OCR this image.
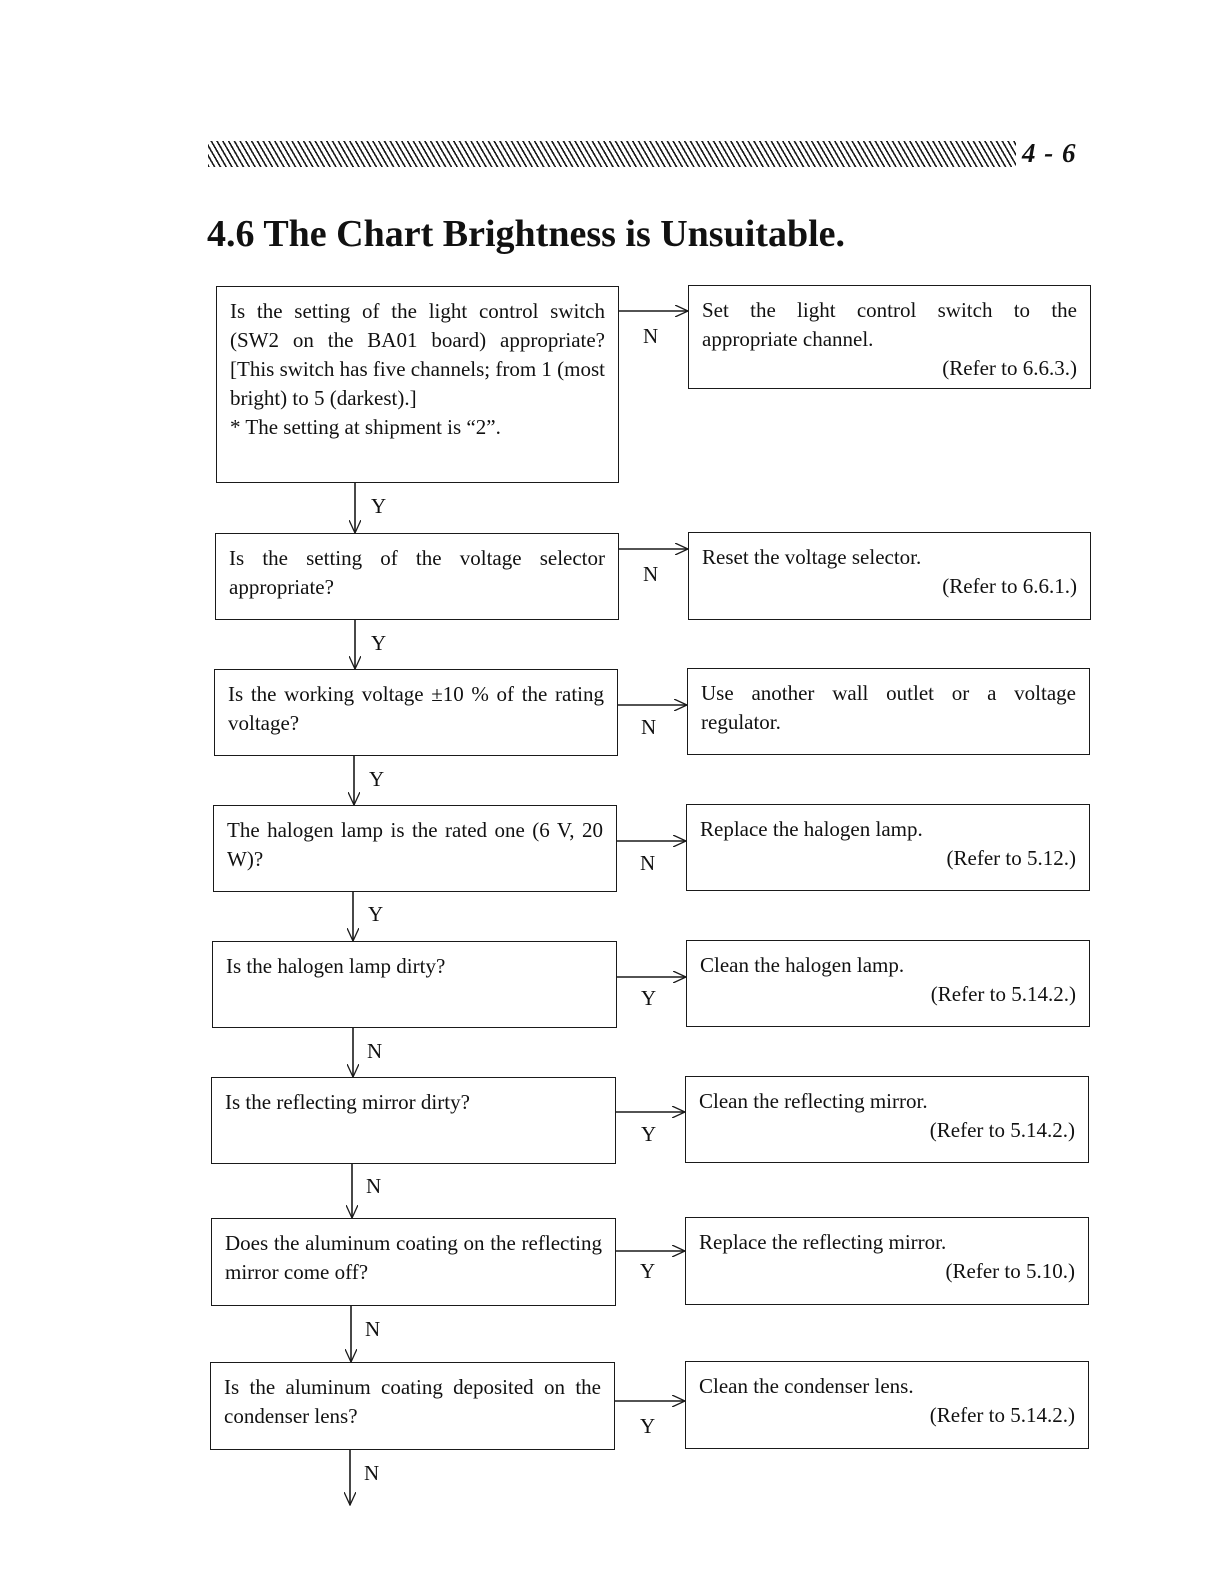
4 - 6
4.6 The Chart Brightness is Unsuitable.
Is the setting of the light control switch (SW2 on the BA01 board) appropriate? [This switch has five channels; from 1 (most bright) to 5 (darkest).]
* The setting at shipment is “2”.
Set the light control switch to the appropriate channel.
(Refer to 6.6.3.)
Is the setting of the voltage selector appropriate?
Reset the voltage selector.
(Refer to 6.6.1.)
Is the working voltage ±10 % of the rating voltage?
Use another wall outlet or a voltage regulator.
The halogen lamp is the rated one (6 V, 20 W)?
Replace the halogen lamp.
(Refer to 5.12.)
Is the halogen lamp dirty?	Clean the halogen lamp.
(Refer to 5.14.2.)
Is the reflecting mirror dirty?	Clean the reflecting mirror.
(Refer to 5.14.2.)
Does the aluminum coating on the reflecting mirror come off?
Replace the reflecting mirror.
(Refer to 5.10.)
Is the aluminum coating deposited on the condenser lens?
Clean the condenser lens.
(Refer to 5.14.2.)
N
N
N
N
Y
Y
Y
Y
Y
Y
Y
Y
N
N
N
N
